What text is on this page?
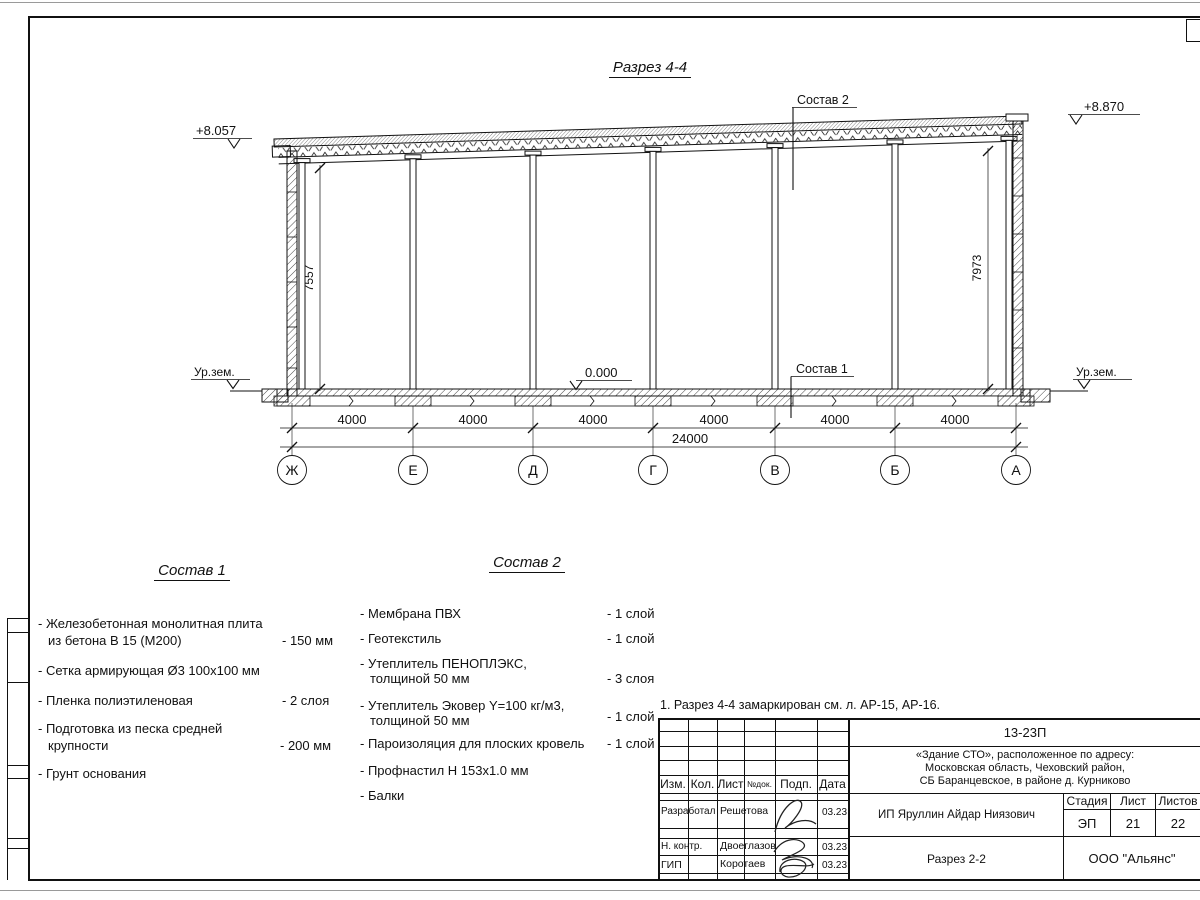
Разрез 4-4
4000	4000	4000	4000	4000	4000
24000
Ж	Е	Д	Г	В	Б	А
7557	7973
+8.057
+8.870
0.000
Ур.зем.	Ур.зем.
Состав 2
Состав 1
Состав 1
- Железобетонная монолитная плита
из бетона В 15 (М200)	- 150 мм
- Сетка армирующая Ø3 100х100 мм
- Пленка полиэтиленовая	- 2 слоя
- Подготовка из песка средней
крупности	- 200 мм
- Грунт основания
Состав 2
- Мембрана ПВХ	- 1 слой
- Геотекстиль	- 1 слой
- Утеплитель ПЕНОПЛЭКС,
толщиной 50 мм	- 3 слоя
- Утеплитель Эковер Y=100 кг/м3,
толщиной 50 мм	- 1 слой
- Пароизоляция для плоских кровель - 1 слой
- Профнастил Н 153х1.0 мм
- Балки
1. Разрез 4-4 замаркирован см. л. АР-15, АР-16.
Изм. Кол. Лист №док. Подп. Дата
Разработал Решетова	03.23
Н. контр. Двоеглазов	03.23
ГИП	Коротаев	03.23
13-23П
«Здание СТО», расположенное по адресу:
Московская область, Чеховский район,
СБ Баранцевское, в районе д. Курниково
ИП Яруллин Айдар Ниязович
Стадия	Лист	Листов
ЭП	21	22
Разрез 2-2	ООО "Альянс"
